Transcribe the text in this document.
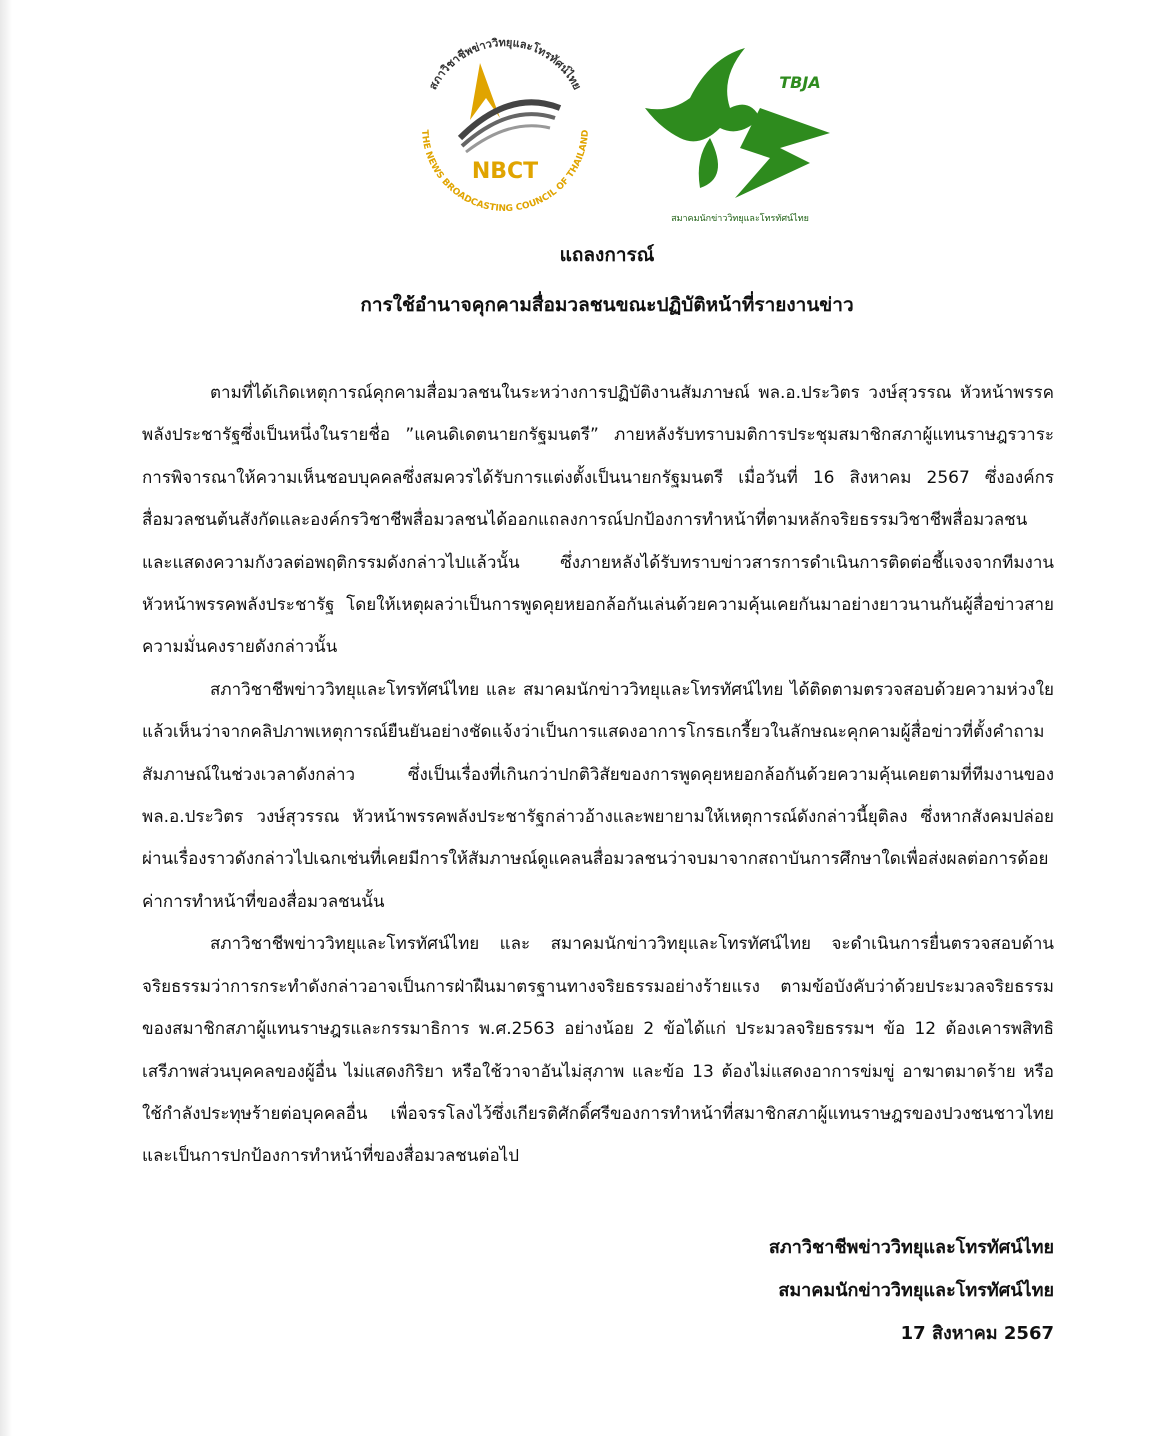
สภาวิชาชีพข่าววิทยุและโทรทัศน์ไทย
THE NEWS BROADCASTING COUNCIL OF THAILAND
NBCT
TBJA
สมาคมนักข่าววิทยุและโทรทัศน์ไทย
แถลงการณ์
การใช้อำนาจคุกคามสื่อมวลชนขณะปฏิบัติหน้าที่รายงานข่าว

ตามที่ได้เกิดเหตุการณ์คุกคามสื่อมวลชนในระหว่างการปฏิบัติงานสัมภาษณ์ พล.อ.ประวิตร วงษ์สุวรรณ หัวหน้าพรรคพลังประชารัฐซึ่งเป็นหนึ่งในรายชื่อ ”แคนดิเดตนายกรัฐมนตรี” ภายหลังรับทราบมติการประชุมสมาชิกสภาผู้แทนราษฎรวาระการพิจารณาให้ความเห็นชอบบุคคลซึ่งสมควรได้รับการแต่งตั้งเป็นนายกรัฐมนตรี เมื่อวันที่ 16 สิงหาคม 2567 ซึ่งองค์กรสื่อมวลชนต้นสังกัดและองค์กรวิชาชีพสื่อมวลชนได้ออกแถลงการณ์ปกป้องการทำหน้าที่ตามหลักจริยธรรมวิชาชีพสื่อมวลชน และแสดงความกังวลต่อพฤติกรรมดังกล่าวไปแล้วนั้น ซึ่งภายหลังได้รับทราบข่าวสารการดำเนินการติดต่อชี้แจงจากทีมงานหัวหน้าพรรคพลังประชารัฐ โดยให้เหตุผลว่าเป็นการพูดคุยหยอกล้อกันเล่นด้วยความคุ้นเคยกันมาอย่างยาวนานกันผู้สื่อข่าวสายความมั่นคงรายดังกล่าวนั้น

สภาวิชาชีพข่าววิทยุและโทรทัศน์ไทย และ สมาคมนักข่าววิทยุและโทรทัศน์ไทย ได้ติดตามตรวจสอบด้วยความห่วงใยแล้วเห็นว่าจากคลิปภาพเหตุการณ์ยืนยันอย่างชัดแจ้งว่าเป็นการแสดงอาการโกรธเกรี้ยวในลักษณะคุกคามผู้สื่อข่าวที่ตั้งคำถามสัมภาษณ์ในช่วงเวลาดังกล่าว ซึ่งเป็นเรื่องที่เกินกว่าปกติวิสัยของการพูดคุยหยอกล้อกันด้วยความคุ้นเคยตามที่ทีมงานของ พล.อ.ประวิตร วงษ์สุวรรณ หัวหน้าพรรคพลังประชารัฐกล่าวอ้างและพยายามให้เหตุการณ์ดังกล่าวนี้ยุติลง ซึ่งหากสังคมปล่อยผ่านเรื่องราวดังกล่าวไปเฉกเช่นที่เคยมีการให้สัมภาษณ์ดูแคลนสื่อมวลชนว่าจบมาจากสถาบันการศึกษาใดเพื่อส่งผลต่อการด้อยค่าการทำหน้าที่ของสื่อมวลชนนั้น

สภาวิชาชีพข่าววิทยุและโทรทัศน์ไทย และ สมาคมนักข่าววิทยุและโทรทัศน์ไทย จะดำเนินการยื่นตรวจสอบด้านจริยธรรมว่าการกระทำดังกล่าวอาจเป็นการฝ่าฝืนมาตรฐานทางจริยธรรมอย่างร้ายแรง ตามข้อบังคับว่าด้วยประมวลจริยธรรมของสมาชิกสภาผู้แทนราษฎรและกรรมาธิการ พ.ศ.2563 อย่างน้อย 2 ข้อได้แก่ ประมวลจริยธรรมฯ ข้อ 12 ต้องเคารพสิทธิ เสรีภาพส่วนบุคคลของผู้อื่น ไม่แสดงกิริยา หรือใช้วาจาอันไม่สุภาพ และข้อ 13 ต้องไม่แสดงอาการข่มขู่ อาฆาตมาดร้าย หรือใช้กำลังประทุษร้ายต่อบุคคลอื่น เพื่อจรรโลงไว้ซึ่งเกียรติศักดิ์ศรีของการทำหน้าที่สมาชิกสภาผู้แทนราษฎรของปวงชนชาวไทย และเป็นการปกป้องการทำหน้าที่ของสื่อมวลชนต่อไป

สภาวิชาชีพข่าววิทยุและโทรทัศน์ไทย
สมาคมนักข่าววิทยุและโทรทัศน์ไทย
17 สิงหาคม 2567
